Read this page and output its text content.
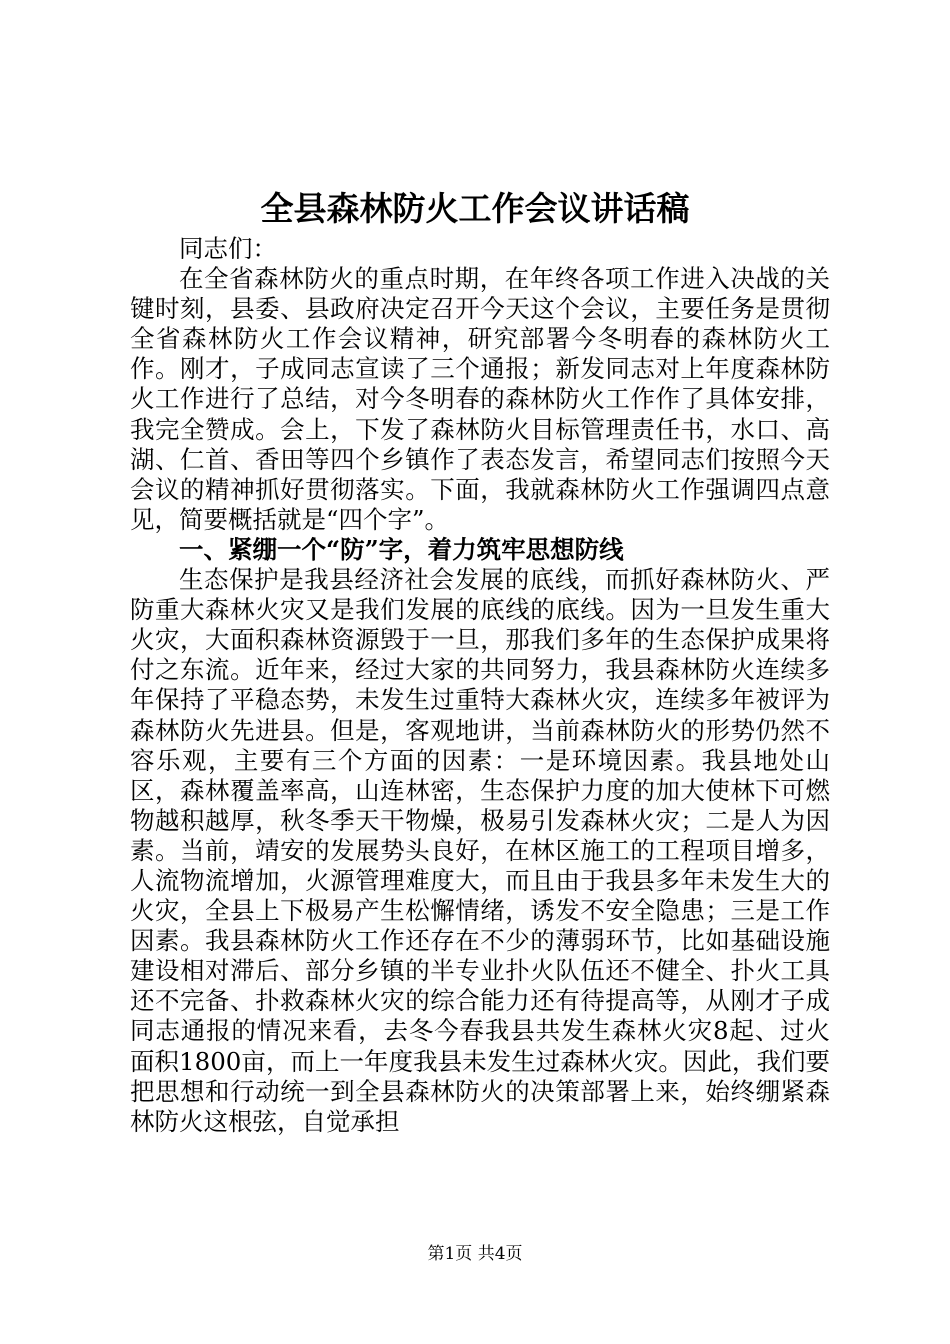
全县森林防火工作会议讲话稿

同志们：

在全省森林防火的重点时期，在年终各项工作进入决战的关键时刻，县委、县政府决定召开今天这个会议，主要任务是贯彻全省森林防火工作会议精神，研究部署今冬明春的森林防火工作。刚才，子成同志宣读了三个通报；新发同志对上年度森林防火工作进行了总结，对今冬明春的森林防火工作作了具体安排，我完全赞成。会上，下发了森林防火目标管理责任书，水口、高湖、仁首、香田等四个乡镇作了表态发言，希望同志们按照今天会议的精神抓好贯彻落实。下面，我就森林防火工作强调四点意见，简要概括就是“四个字”。

一、紧绷一个“防”字，着力筑牢思想防线

生态保护是我县经济社会发展的底线，而抓好森林防火、严防重大森林火灾又是我们发展的底线的底线。因为一旦发生重大火灾，大面积森林资源毁于一旦，那我们多年的生态保护成果将付之东流。近年来，经过大家的共同努力，我县森林防火连续多年保持了平稳态势，未发生过重特大森林火灾，连续多年被评为森林防火先进县。但是，客观地讲，当前森林防火的形势仍然不容乐观，主要有三个方面的因素：一是环境因素。我县地处山区，森林覆盖率高，山连林密，生态保护力度的加大使林下可燃物越积越厚，秋冬季天干物燥，极易引发森林火灾；二是人为因素。当前，靖安的发展势头良好，在林区施工的工程项目增多，人流物流增加，火源管理难度大，而且由于我县多年未发生大的火灾，全县上下极易产生松懈情绪，诱发不安全隐患；三是工作因素。我县森林防火工作还存在不少的薄弱环节，比如基础设施建设相对滞后、部分乡镇的半专业扑火队伍还不健全、扑火工具还不完备、扑救森林火灾的综合能力还有待提高等，从刚才子成同志通报的情况来看，去冬今春我县共发生森林火灾8起、过火面积1800亩，而上一年度我县未发生过森林火灾。因此，我们要把思想和行动统一到全县森林防火的决策部署上来，始终绷紧森林防火这根弦，自觉承担

第1页 共4页
